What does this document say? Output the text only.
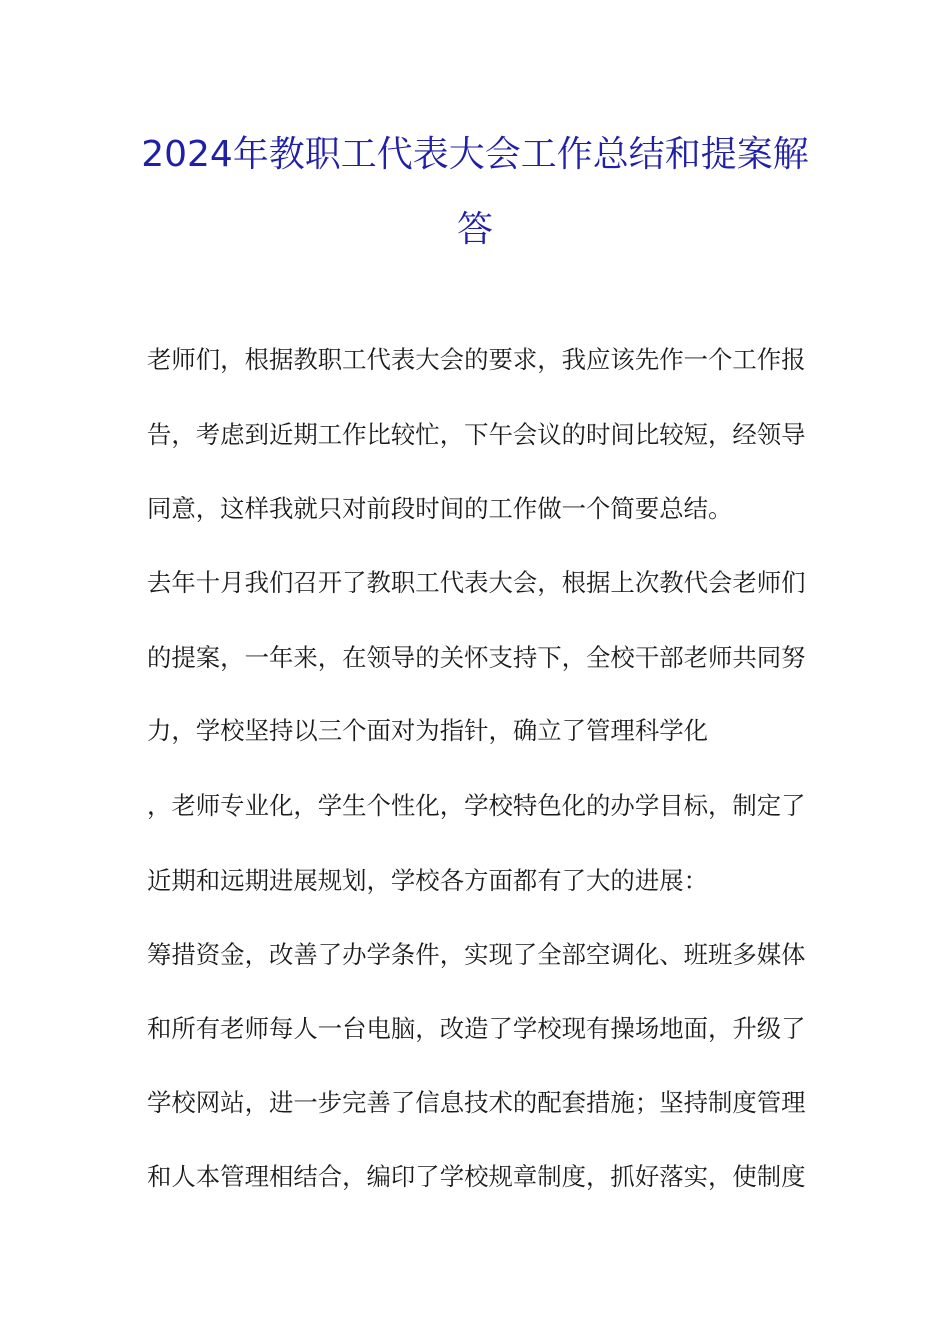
2024年教职工代表大会工作总结和提案解
答
老师们，根据教职工代表大会的要求，我应该先作一个工作报
告，考虑到近期工作比较忙，下午会议的时间比较短，经领导
同意，这样我就只对前段时间的工作做一个简要总结。
去年十月我们召开了教职工代表大会，根据上次教代会老师们
的提案，一年来，在领导的关怀支持下，全校干部老师共同努
力，学校坚持以三个面对为指针，确立了管理科学化
，老师专业化，学生个性化，学校特色化的办学目标，制定了
近期和远期进展规划，学校各方面都有了大的进展：
筹措资金，改善了办学条件，实现了全部空调化、班班多媒体
和所有老师每人一台电脑，改造了学校现有操场地面，升级了
学校网站，进一步完善了信息技术的配套措施；坚持制度管理
和人本管理相结合，编印了学校规章制度，抓好落实，使制度
